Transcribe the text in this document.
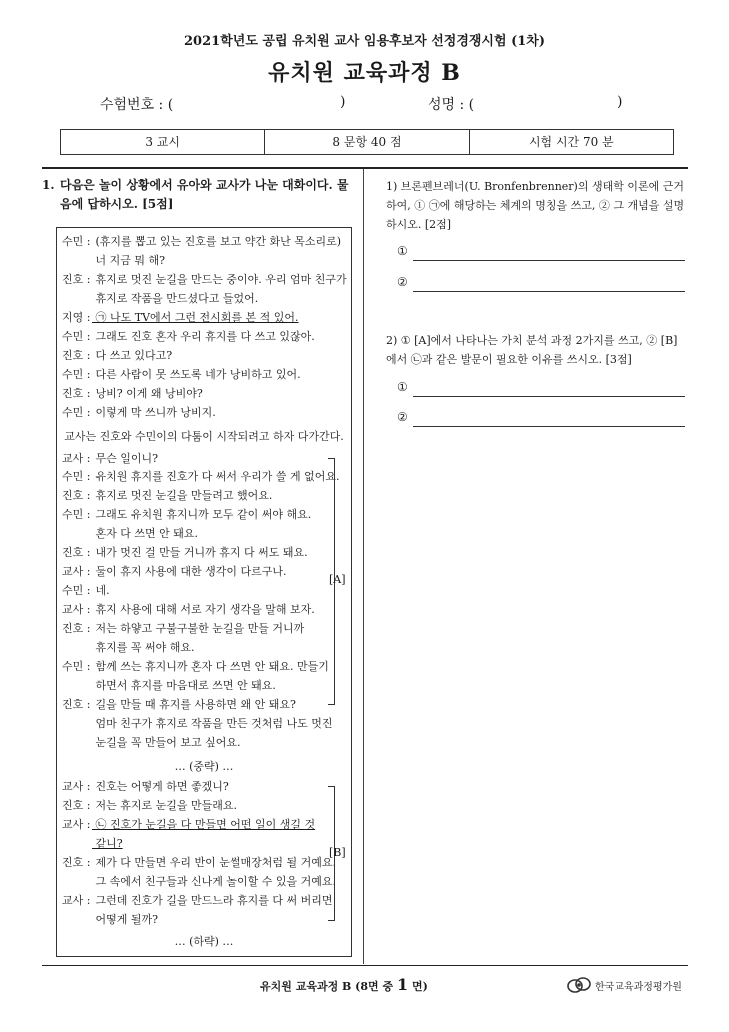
2021학년도 공립 유치원 교사 임용후보자 선정경쟁시험 (1차)
유치원 교육과정 B
수험번호 : (	)	성명 : (	)
3 교시	8 문항 40 점	시험 시간 70 분
1. 다음은 놀이 상황에서 유아와 교사가 나눈 대화이다. 물음에 답하시오. [5점]
수민 : (휴지를 뽑고 있는 진호를 보고 약간 화난 목소리로)
너 지금 뭐 해?
진호 : 휴지로 멋진 눈길을 만드는 중이야. 우리 엄마 친구가
휴지로 작품을 만드셨다고 들었어.
지영 : ㉠ 나도 TV에서 그런 전시회를 본 적 있어.
수민 : 그래도 진호 혼자 우리 휴지를 다 쓰고 있잖아.
진호 : 다 쓰고 있다고?
수민 : 다른 사람이 못 쓰도록 네가 낭비하고 있어.
진호 : 낭비? 이게 왜 낭비야?
수민 : 이렇게 막 쓰니까 낭비지.
교사는 진호와 수민이의 다툼이 시작되려고 하자 다가간다.
교사 : 무슨 일이니?
수민 : 유치원 휴지를 진호가 다 써서 우리가 쓸 게 없어요.
진호 : 휴지로 멋진 눈길을 만들려고 했어요.
수민 : 그래도 유치원 휴지니까 모두 같이 써야 해요.
혼자 다 쓰면 안 돼요.
진호 : 내가 멋진 걸 만들 거니까 휴지 다 써도 돼요.
교사 : 둘이 휴지 사용에 대한 생각이 다르구나.
수민 : 네.
교사 : 휴지 사용에 대해 서로 자기 생각을 말해 보자.
진호 : 저는 하얗고 구불구불한 눈길을 만들 거니까
휴지를 꼭 써야 해요.
수민 : 함께 쓰는 휴지니까 혼자 다 쓰면 안 돼요. 만들기
하면서 휴지를 마음대로 쓰면 안 돼요.
진호 : 길을 만들 때 휴지를 사용하면 왜 안 돼요?
엄마 친구가 휴지로 작품을 만든 것처럼 나도 멋진
눈길을 꼭 만들어 보고 싶어요.
… (중략) …
교사 : 진호는 어떻게 하면 좋겠니?
진호 : 저는 휴지로 눈길을 만들래요.
교사 : ㉡ 진호가 눈길을 다 만들면 어떤 일이 생길 것
같니?
진호 : 제가 다 만들면 우리 반이 눈썰매장처럼 될 거예요.
그 속에서 친구들과 신나게 놀이할 수 있을 거예요.
교사 : 그런데 진호가 길을 만드느라 휴지를 다 써 버리면
어떻게 될까?
… (하략) …
[A]
[B]
1) 브론펜브레너(U. Bronfenbrenner)의 생태학 이론에 근거하여, ① ㉠에 해당하는 체계의 명칭을 쓰고, ② 그 개념을 설명하시오. [2점]
①
②
2) ① [A]에서 나타나는 가치 분석 과정 2가지를 쓰고, ② [B]에서 ㉡과 같은 발문이 필요한 이유를 쓰시오. [3점]
①
②
유치원 교육과정 B (8면 중 1 면)	한국교육과정평가원
